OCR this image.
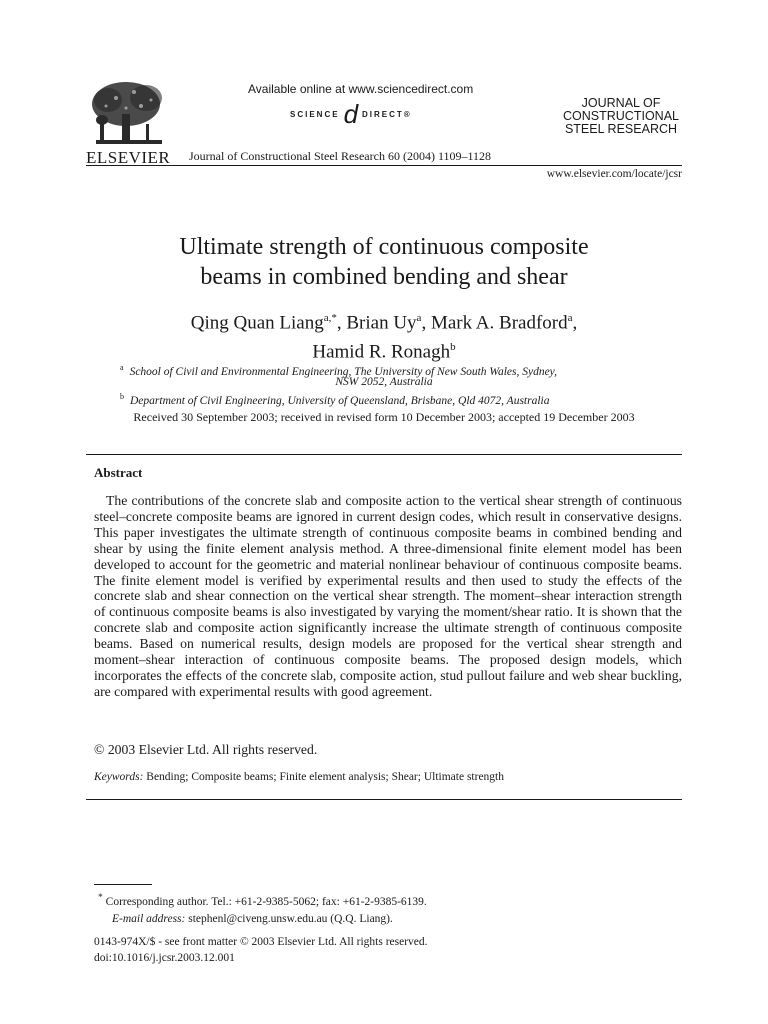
ELSEVIER
Available online at www.sciencedirect.com
SCIENCE d DIRECT®
Journal of Constructional Steel Research 60 (2004) 1109–1128
JOURNAL OF
CONSTRUCTIONAL
STEEL RESEARCH
www.elsevier.com/locate/jcsr
Ultimate strength of continuous composite
beams in combined bending and shear
Qing Quan Liang$^{a,*}$, Brian Uy$^a$, Mark A. Bradford$^a$,
Hamid R. Ronagh$^b$
$^a$ School of Civil and Environmental Engineering, The University of New South Wales, Sydney,
NSW 2052, Australia
$^b$ Department of Civil Engineering, University of Queensland, Brisbane, Qld 4072, Australia
Received 30 September 2003; received in revised form 10 December 2003; accepted 19 December 2003
Abstract
The contributions of the concrete slab and composite action to the vertical shear strength of continuous steel–concrete composite beams are ignored in current design codes, which result in conservative designs. This paper investigates the ultimate strength of continuous composite beams in combined bending and shear by using the finite element analysis method. A three-dimensional finite element model has been developed to account for the geometric and material nonlinear behaviour of continuous composite beams. The finite element model is verified by experimental results and then used to study the effects of the concrete slab and shear connection on the vertical shear strength. The moment–shear interaction strength of continuous composite beams is also investigated by varying the moment/shear ratio. It is shown that the concrete slab and composite action significantly increase the ultimate strength of continuous composite beams. Based on numerical results, design models are proposed for the vertical shear strength and moment–shear interaction of continuous composite beams. The proposed design models, which incorporates the effects of the concrete slab, composite action, stud pullout failure and web shear buckling, are compared with experimental results with good agreement.
© 2003 Elsevier Ltd. All rights reserved.
Keywords: Bending; Composite beams; Finite element analysis; Shear; Ultimate strength
* Corresponding author. Tel.: +61-2-9385-5062; fax: +61-2-9385-6139.
E-mail address: stephenl@civeng.unsw.edu.au (Q.Q. Liang).
0143-974X/$ - see front matter © 2003 Elsevier Ltd. All rights reserved.
doi:10.1016/j.jcsr.2003.12.001
